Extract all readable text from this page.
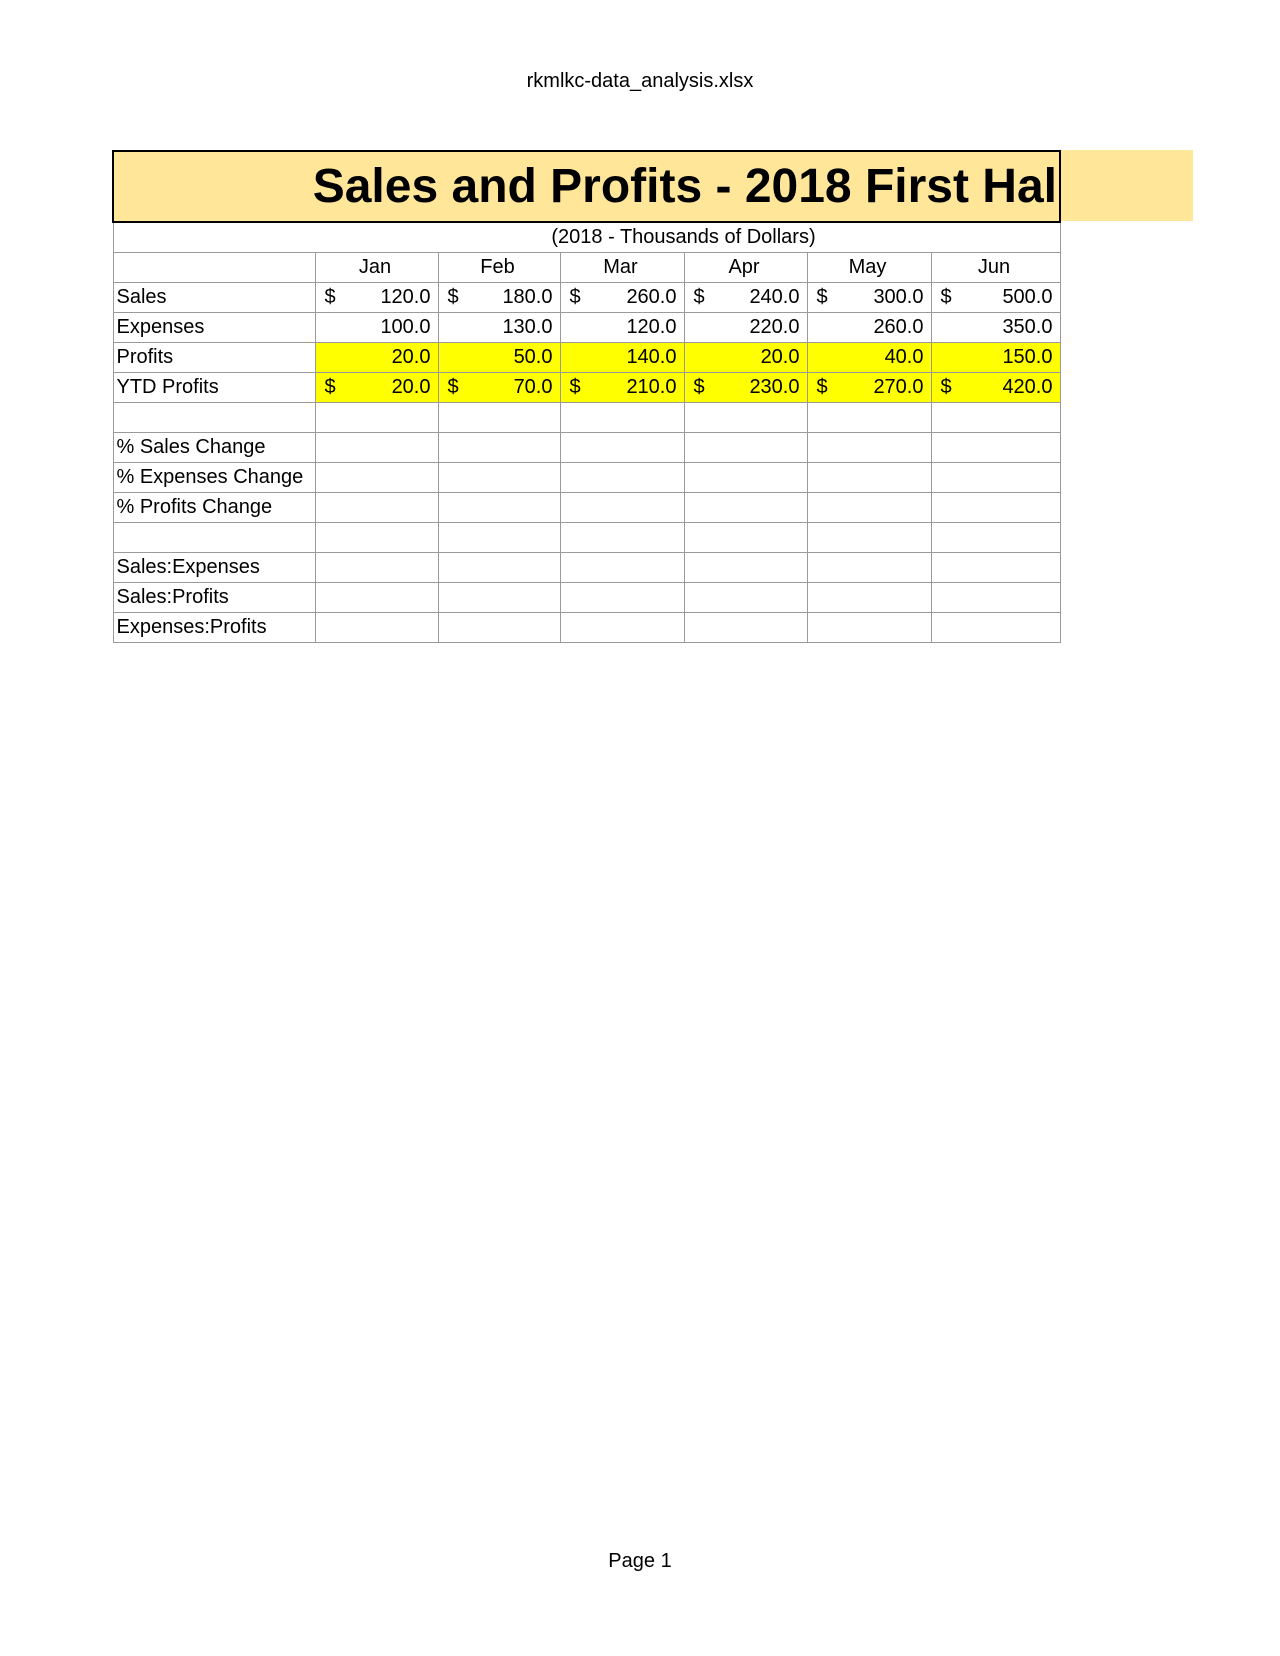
rkmlkc-data_analysis.xlsx
Sales and Profits - 2018 First Hal						
(2018 - Thousands of Dollars)						
	Jan	Feb	Mar	Apr	May	Jun
Sales	$ 120.0	$ 180.0	$ 260.0	$ 240.0	$ 300.0	$ 500.0
Expenses	100.0	130.0	120.0	220.0	260.0	350.0
Profits	20.0	50.0	140.0	20.0	40.0	150.0
YTD Profits	$ 20.0	$ 70.0	$ 210.0	$ 230.0	$ 270.0	$ 420.0

% Sales Change						
% Expenses Change						
% Profits Change						

Sales:Expenses						
Sales:Profits						
Expenses:Profits						
Page 1
